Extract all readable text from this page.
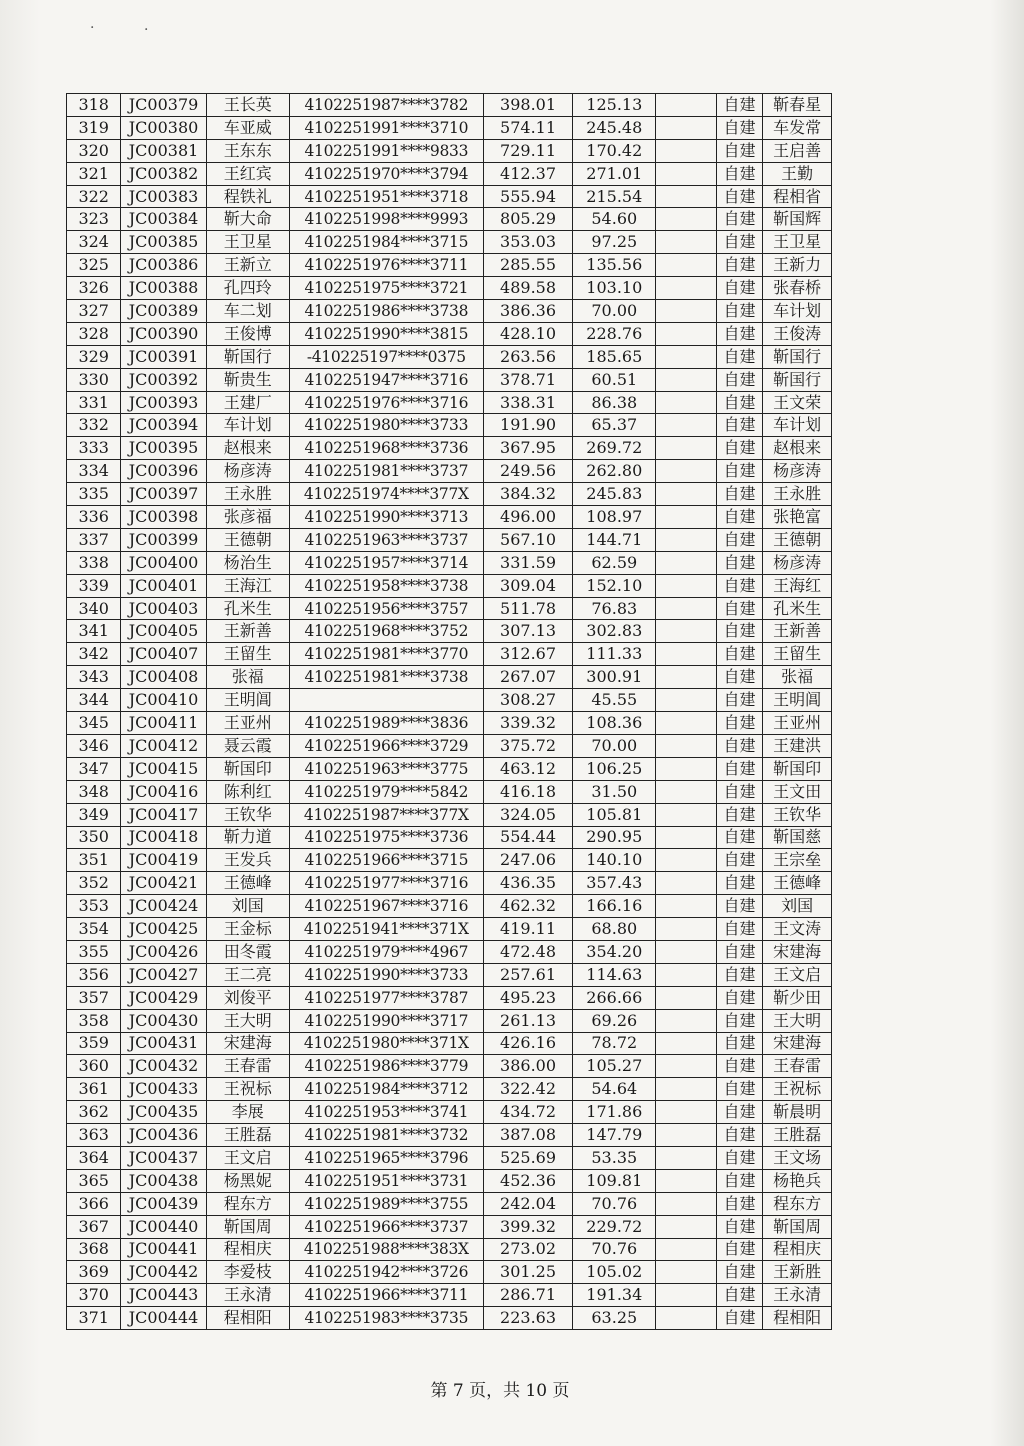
·	·
318	JC00379	王长英	4102251987****3782	398.01	125.13		自建	靳春星
319	JC00380	车亚威	4102251991****3710	574.11	245.48		自建	车发常
320	JC00381	王东东	4102251991****9833	729.11	170.42		自建	王启善
321	JC00382	王红宾	4102251970****3794	412.37	271.01		自建	王勤
322	JC00383	程铁礼	4102251951****3718	555.94	215.54		自建	程相省
323	JC00384	靳大命	4102251998****9993	805.29	54.60		自建	靳国辉
324	JC00385	王卫星	4102251984****3715	353.03	97.25		自建	王卫星
325	JC00386	王新立	4102251976****3711	285.55	135.56		自建	王新力
326	JC00388	孔四玲	4102251975****3721	489.58	103.10		自建	张春桥
327	JC00389	车二划	4102251986****3738	386.36	70.00		自建	车计划
328	JC00390	王俊博	4102251990****3815	428.10	228.76		自建	王俊涛
329	JC00391	靳国行	-410225197****0375	263.56	185.65		自建	靳国行
330	JC00392	靳贵生	4102251947****3716	378.71	60.51		自建	靳国行
331	JC00393	王建厂	4102251976****3716	338.31	86.38		自建	王文荣
332	JC00394	车计划	4102251980****3733	191.90	65.37		自建	车计划
333	JC00395	赵根来	4102251968****3736	367.95	269.72		自建	赵根来
334	JC00396	杨彦涛	4102251981****3737	249.56	262.80		自建	杨彦涛
335	JC00397	王永胜	4102251974****377X	384.32	245.83		自建	王永胜
336	JC00398	张彦福	4102251990****3713	496.00	108.97		自建	张艳富
337	JC00399	王德朝	4102251963****3737	567.10	144.71		自建	王德朝
338	JC00400	杨治生	4102251957****3714	331.59	62.59		自建	杨彦涛
339	JC00401	王海江	4102251958****3738	309.04	152.10		自建	王海红
340	JC00403	孔米生	4102251956****3757	511.78	76.83		自建	孔米生
341	JC00405	王新善	4102251968****3752	307.13	302.83		自建	王新善
342	JC00407	王留生	4102251981****3770	312.67	111.33		自建	王留生
343	JC00408	张福	4102251981****3738	267.07	300.91		自建	张福
344	JC00410	王明阊		308.27	45.55		自建	王明阊
345	JC00411	王亚州	4102251989****3836	339.32	108.36		自建	王亚州
346	JC00412	聂云霞	4102251966****3729	375.72	70.00		自建	王建洪
347	JC00415	靳国印	4102251963****3775	463.12	106.25		自建	靳国印
348	JC00416	陈利红	4102251979****5842	416.18	31.50		自建	王文田
349	JC00417	王钦华	4102251987****377X	324.05	105.81		自建	王钦华
350	JC00418	靳力道	4102251975****3736	554.44	290.95		自建	靳国慈
351	JC00419	王发兵	4102251966****3715	247.06	140.10		自建	王宗垒
352	JC00421	王德峰	4102251977****3716	436.35	357.43		自建	王德峰
353	JC00424	刘国	4102251967****3716	462.32	166.16		自建	刘国
354	JC00425	王金标	4102251941****371X	419.11	68.80		自建	王文涛
355	JC00426	田冬霞	4102251979****4967	472.48	354.20		自建	宋建海
356	JC00427	王二亮	4102251990****3733	257.61	114.63		自建	王文启
357	JC00429	刘俊平	4102251977****3787	495.23	266.66		自建	靳少田
358	JC00430	王大明	4102251990****3717	261.13	69.26		自建	王大明
359	JC00431	宋建海	4102251980****371X	426.16	78.72		自建	宋建海
360	JC00432	王春雷	4102251986****3779	386.00	105.27		自建	王春雷
361	JC00433	王祝标	4102251984****3712	322.42	54.64		自建	王祝标
362	JC00435	李展	4102251953****3741	434.72	171.86		自建	靳晨明
363	JC00436	王胜磊	4102251981****3732	387.08	147.79		自建	王胜磊
364	JC00437	王文启	4102251965****3796	525.69	53.35		自建	王文场
365	JC00438	杨黑妮	4102251951****3731	452.36	109.81		自建	杨艳兵
366	JC00439	程东方	4102251989****3755	242.04	70.76		自建	程东方
367	JC00440	靳国周	4102251966****3737	399.32	229.72		自建	靳国周
368	JC00441	程相庆	4102251988****383X	273.02	70.76		自建	程相庆
369	JC00442	李爱枝	4102251942****3726	301.25	105.02		自建	王新胜
370	JC00443	王永清	4102251966****3711	286.71	191.34		自建	王永清
371	JC00444	程相阳	4102251983****3735	223.63	63.25		自建	程相阳
第 7 页，共 10 页
